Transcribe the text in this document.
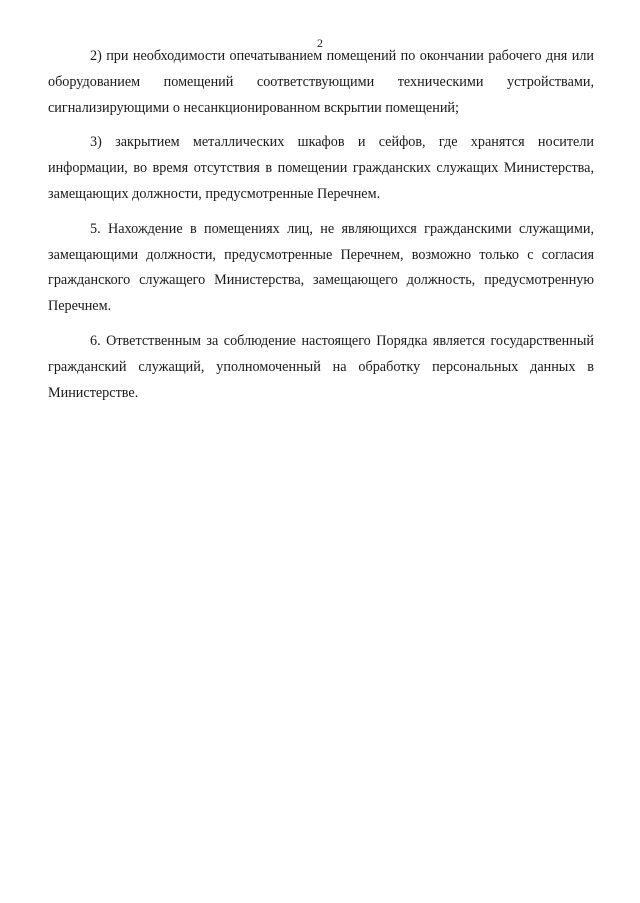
2

2) при необходимости опечатыванием помещений по окончании рабочего дня или оборудованием помещений соответствующими техническими устройствами, сигнализирующими о несанкционированном вскрытии помещений;

3) закрытием металлических шкафов и сейфов, где хранятся носители информации, во время отсутствия в помещении гражданских служащих Министерства, замещающих должности, предусмотренные Перечнем.

5. Нахождение в помещениях лиц, не являющихся гражданскими служащими, замещающими должности, предусмотренные Перечнем, возможно только с согласия гражданского служащего Министерства, замещающего должность, предусмотренную Перечнем.

6. Ответственным за соблюдение настоящего Порядка является государственный гражданский служащий, уполномоченный на обработку персональных данных в Министерстве.
